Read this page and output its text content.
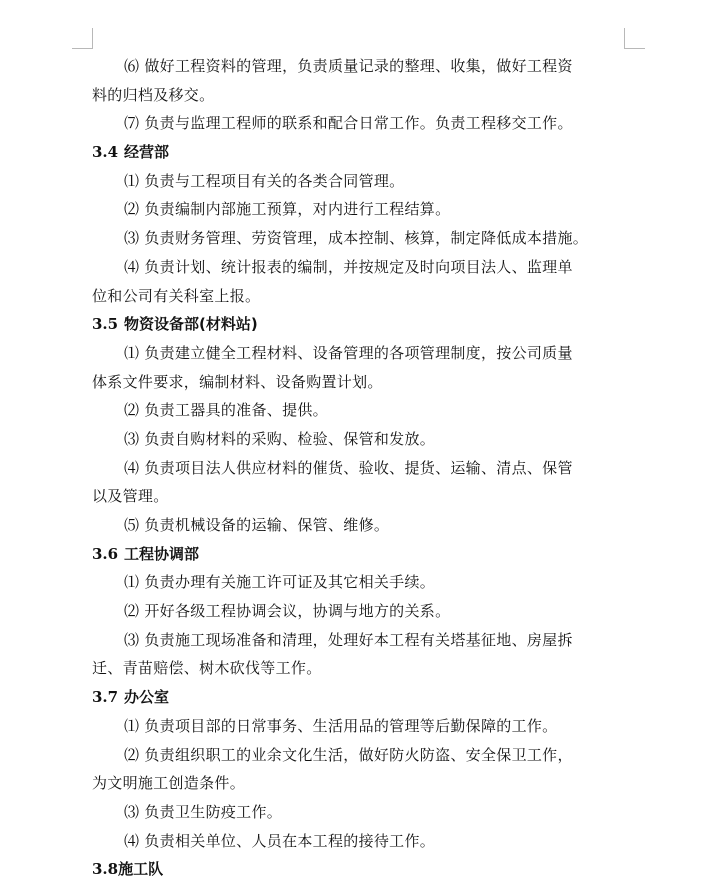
⑹ 做好工程资料的管理，负责质量记录的整理、收集，做好工程资
料的归档及移交。
⑺ 负责与监理工程师的联系和配合日常工作。负责工程移交工作。
3.4 经营部
⑴ 负责与工程项目有关的各类合同管理。
⑵ 负责编制内部施工预算，对内进行工程结算。
⑶ 负责财务管理、劳资管理，成本控制、核算，制定降低成本措施。
⑷ 负责计划、统计报表的编制，并按规定及时向项目法人、监理单
位和公司有关科室上报。
3.5 物资设备部(材料站)
⑴ 负责建立健全工程材料、设备管理的各项管理制度，按公司质量
体系文件要求，编制材料、设备购置计划。
⑵ 负责工器具的准备、提供。
⑶ 负责自购材料的采购、检验、保管和发放。
⑷ 负责项目法人供应材料的催货、验收、提货、运输、清点、保管
以及管理。
⑸ 负责机械设备的运输、保管、维修。
3.6 工程协调部
⑴ 负责办理有关施工许可证及其它相关手续。
⑵ 开好各级工程协调会议，协调与地方的关系。
⑶ 负责施工现场准备和清理，处理好本工程有关塔基征地、房屋拆
迁、青苗赔偿、树木砍伐等工作。
3.7 办公室
⑴ 负责项目部的日常事务、生活用品的管理等后勤保障的工作。
⑵ 负责组织职工的业余文化生活，做好防火防盗、安全保卫工作，
为文明施工创造条件。
⑶ 负责卫生防疫工作。
⑷ 负责相关单位、人员在本工程的接待工作。
3.8施工队
